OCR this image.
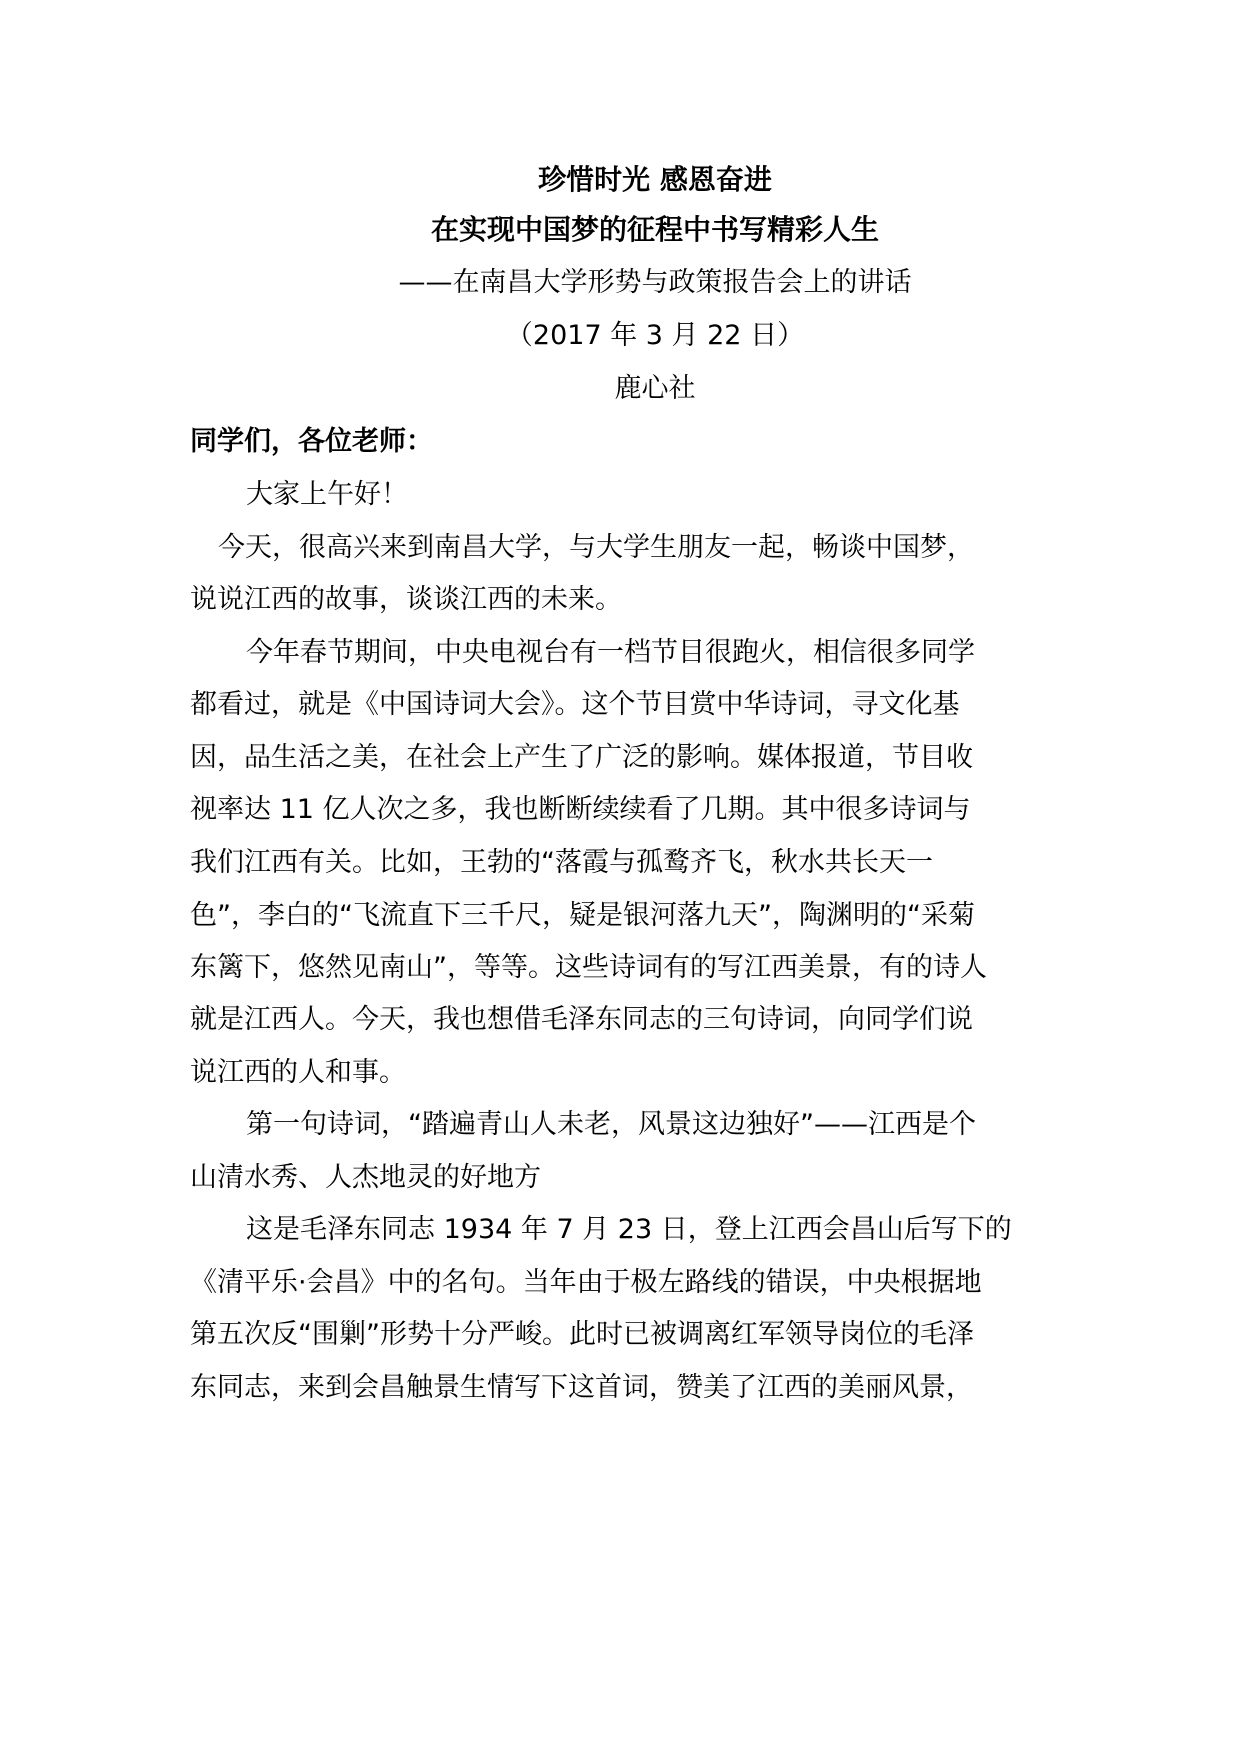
珍惜时光 感恩奋进
在实现中国梦的征程中书写精彩人生
——在南昌大学形势与政策报告会上的讲话
（2017 年 3 月 22 日）
鹿心社
同学们，各位老师：
大家上午好！
今天，很高兴来到南昌大学，与大学生朋友一起，畅谈中国梦，
说说江西的故事，谈谈江西的未来。
今年春节期间，中央电视台有一档节目很跑火，相信很多同学
都看过，就是《中国诗词大会》。这个节目赏中华诗词，寻文化基
因，品生活之美，在社会上产生了广泛的影响。媒体报道，节目收
视率达 11 亿人次之多，我也断断续续看了几期。其中很多诗词与
我们江西有关。比如，王勃的“落霞与孤鹜齐飞，秋水共长天一
色”，李白的“飞流直下三千尺，疑是银河落九天”，陶渊明的“采菊
东篱下，悠然见南山”，等等。这些诗词有的写江西美景，有的诗人
就是江西人。今天，我也想借毛泽东同志的三句诗词，向同学们说
说江西的人和事。
第一句诗词，“踏遍青山人未老，风景这边独好”——江西是个
山清水秀、人杰地灵的好地方
这是毛泽东同志 1934 年 7 月 23 日，登上江西会昌山后写下的
《清平乐·会昌》中的名句。当年由于极左路线的错误，中央根据地
第五次反“围剿”形势十分严峻。此时已被调离红军领导岗位的毛泽
东同志，来到会昌触景生情写下这首词，赞美了江西的美丽风景，
